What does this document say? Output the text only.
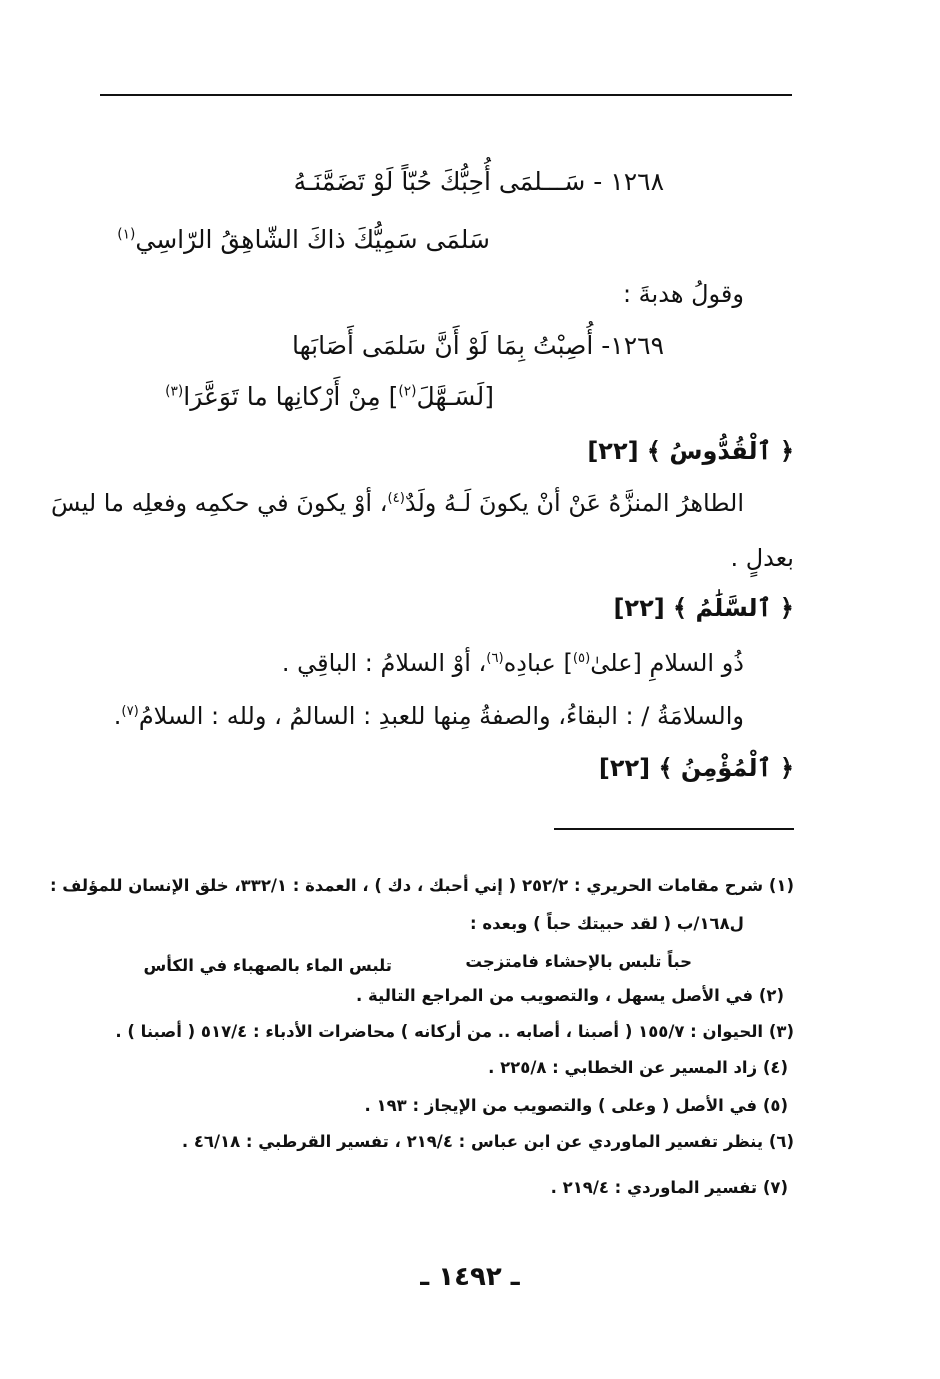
١٢٦٨ - سَـــلمَى أُحِبُّكَ حُبّاً لَوْ تَضَمَّنَـهُ
سَلمَى سَمِيُّكَ ذاكَ الشّاهِقُ الرّاسِي$^{(١)}$
وقولُ هدبةَ :
١٢٦٩- أُصِبْتُ بِمَا لَوْ أَنَّ سَلمَى أَصَابَها
[لَسَـهَّلَ$^{(٢)}$] مِنْ أَرْكانِها ما تَوَعَّرَا$^{(٣)}$
﴿ ٱلْقُدُّوسُ ﴾ [٢٢]
الطاهرُ المنزَّهُ عَنْ أنْ يكونَ لَـهُ ولَدٌ$^{(٤)}$، أوْ يكونَ في حكمِه وفعلِه ما ليسَ
بعدلٍ .
﴿ ٱلسَّلَٰمُ ﴾ [٢٢]
ذُو السلامِ [علىٰ$^{(٥)}$] عبادِه$^{(٦)}$، أوْ السلامُ : الباقِي .
والسلامَةُ / : البقاءُ، والصفةُ مِنها للعبدِ : السالمُ ، ولله : السلامُ$^{(٧)}$.
﴿ ٱلْمُؤْمِنُ ﴾ [٢٢]
(١) شرح مقامات الحريري : ٢٥٢/٢ ( إني أحبك ، دك ) ، العمدة : ٣٣٢/١، خلق الإنسان للمؤلف :
ل١٦٨/ب ( لقد حبيتك حباً ) وبعده :
حباً تلبس بالإحشاء فامتزجت
تلبس الماء بالصهباء في الكأس
(٢) في الأصل يسهل ، والتصويب من المراجع التالية .
(٣) الحيوان : ١٥٥/٧ ( أصبنا ، أصابه .. من أركانه ) محاضرات الأدباء : ٥١٧/٤ ( أصبنا ) .
(٤) زاد المسير عن الخطابي : ٢٢٥/٨ .
(٥) في الأصل ( وعلى ) والتصويب من الإيجاز : ١٩٣ .
(٦) ينظر تفسير الماوردي عن ابن عباس : ٢١٩/٤ ، تفسير القرطبي : ٤٦/١٨ .
(٧) تفسير الماوردي : ٢١٩/٤ .
ـ ١٤٩٢ ـ
